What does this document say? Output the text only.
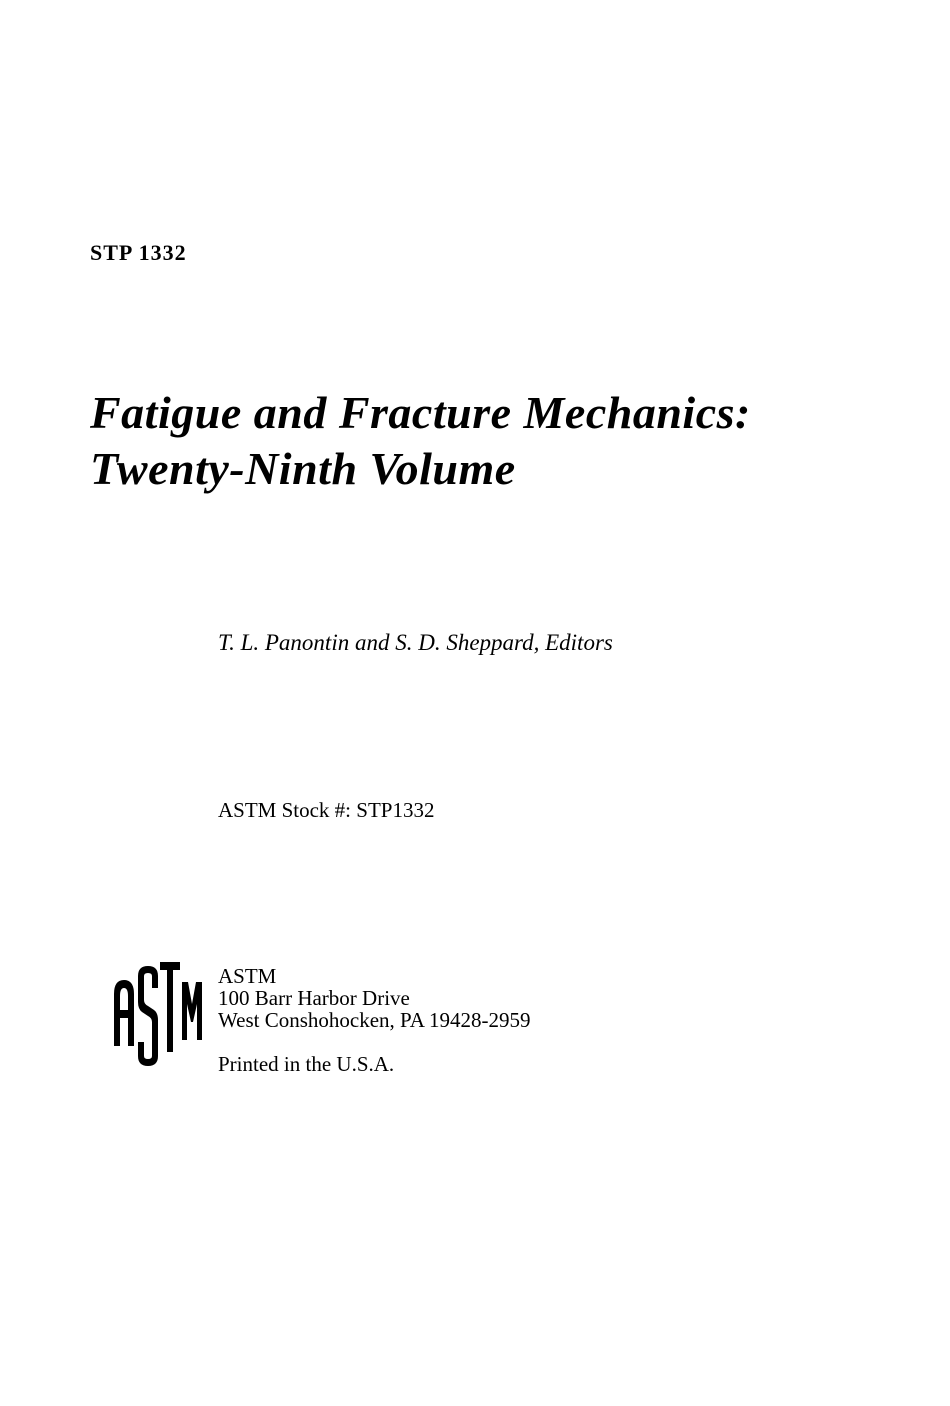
STP 1332
Fatigue and Fracture Mechanics:
Twenty-Ninth Volume
T. L. Panontin and S. D. Sheppard, Editors
ASTM Stock #: STP1332
ASTM
100 Barr Harbor Drive
West Conshohocken, PA 19428-2959
Printed in the U.S.A.
